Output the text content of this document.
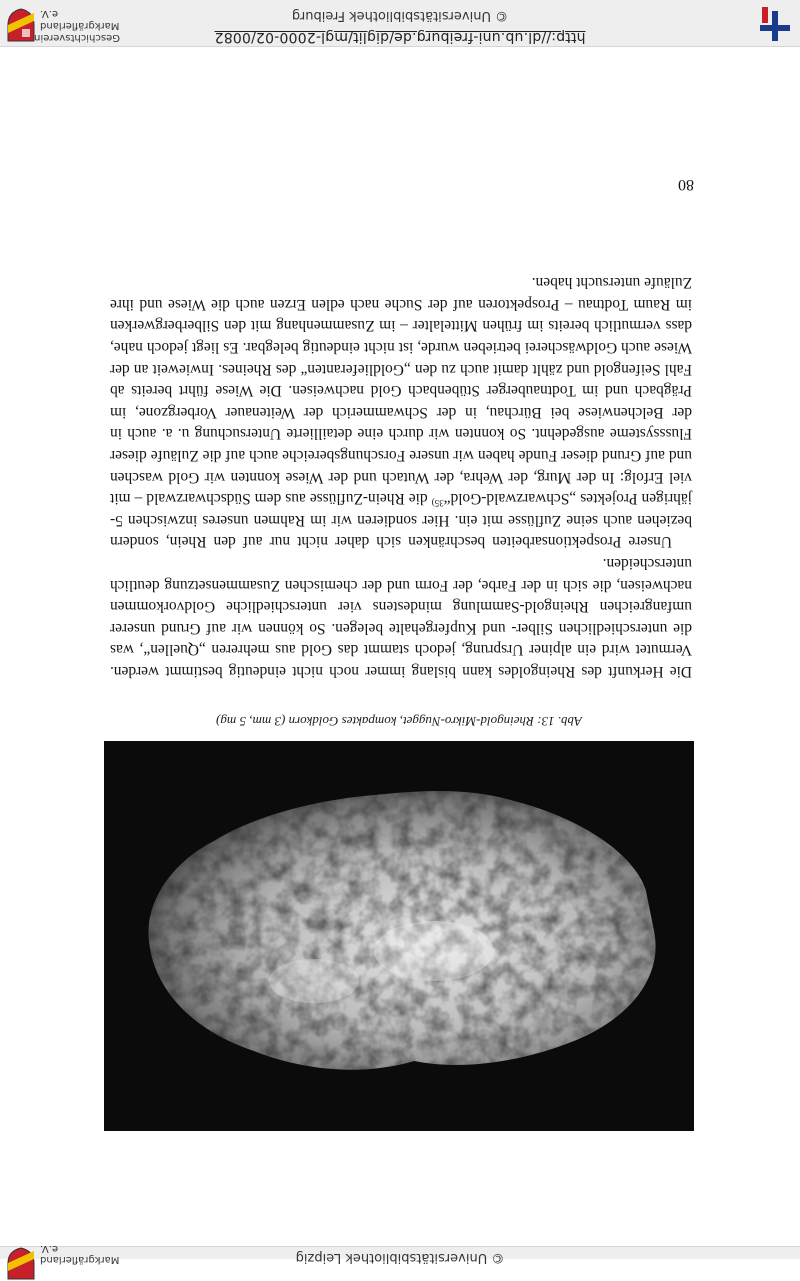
© Universitätsbibliothek Leipzig
Markgräflerland e.V.
Abb. 13: Rheingold-Mikro-Nugget, kompaktes Goldkorn (3 mm, 5 mg)

Die Herkunft des Rheingoldes kann bislang immer noch nicht eindeutig bestimmt werden. Vermutet wird ein alpiner Ursprung, jedoch stammt das Gold aus mehreren „Quellen“, was die unterschiedlichen Silber- und Kupfergehalte belegen. So können wir auf Grund unserer umfangreichen Rheingold-Sammlung mindestens vier unterschiedliche Goldvorkommen nachweisen, die sich in der Farbe, der Form und der chemischen Zusammensetzung deutlich unterscheiden.

Unsere Prospektionsarbeiten beschränken sich daher nicht nur auf den Rhein, sondern beziehen auch seine Zuflüsse mit ein. Hier sondieren wir im Rahmen unseres inzwischen 5-jährigen Projektes „Schwarzwald-Gold“$^{35)}$ die Rhein-Zuflüsse aus dem Südschwarzwald – mit viel Erfolg: In der Murg, der Wehra, der Wutach und der Wiese konnten wir Gold waschen und auf Grund dieser Funde haben wir unsere Forschungsbereiche auch auf die Zuläufe dieser Flusssysteme ausgedehnt. So konnten wir durch eine detaillierte Untersuchung u. a. auch in der Belchenwiese bei Bürchau, in der Schwammerich der Weitenauer Vorbergzone, im Prägbach und im Todtnauberger Stübenbach Gold nachweisen. Die Wiese führt bereits ab Fahl Seifengold und zählt damit auch zu den „Goldlieferanten“ des Rheines. Inwieweit an der Wiese auch Goldwäscherei betrieben wurde, ist nicht eindeutig belegbar. Es liegt jedoch nahe, dass vermutlich bereits im frühen Mittelalter – im Zusammenhang mit den Silberbergwerken im Raum Todtnau – Prospektoren auf der Suche nach edlen Erzen auch die Wiese und ihre Zuläufe untersucht haben.

80
http://dl.ub.uni-freiburg.de/diglit/mgl-2000-02/0082
© Universitätsbibliothek Freiburg
Geschichtsverein
Markgräflerland e.V.
